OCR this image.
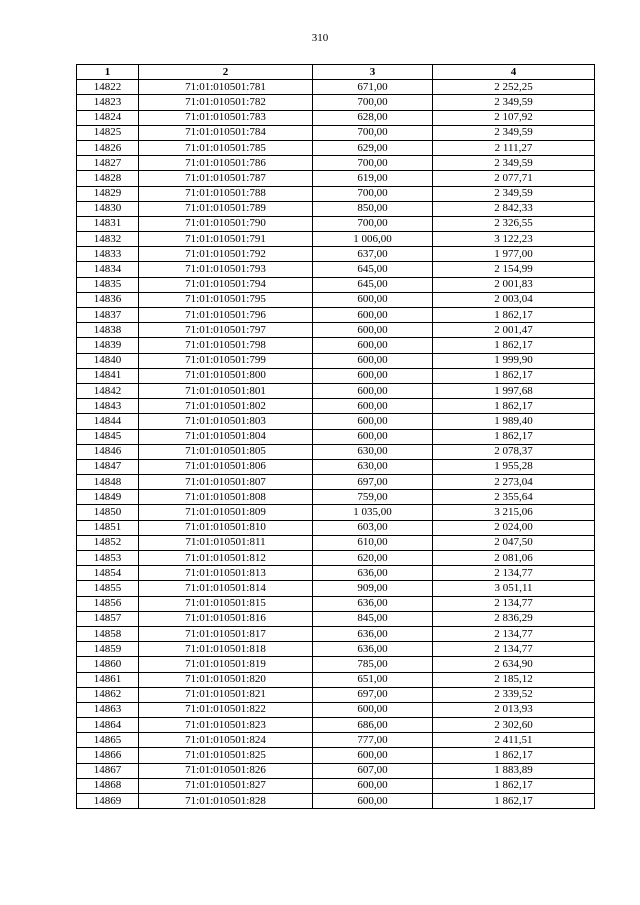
310
1	2	3	4
14822	71:01:010501:781	671,00	2 252,25
14823	71:01:010501:782	700,00	2 349,59
14824	71:01:010501:783	628,00	2 107,92
14825	71:01:010501:784	700,00	2 349,59
14826	71:01:010501:785	629,00	2 111,27
14827	71:01:010501:786	700,00	2 349,59
14828	71:01:010501:787	619,00	2 077,71
14829	71:01:010501:788	700,00	2 349,59
14830	71:01:010501:789	850,00	2 842,33
14831	71:01:010501:790	700,00	2 326,55
14832	71:01:010501:791	1 006,00	3 122,23
14833	71:01:010501:792	637,00	1 977,00
14834	71:01:010501:793	645,00	2 154,99
14835	71:01:010501:794	645,00	2 001,83
14836	71:01:010501:795	600,00	2 003,04
14837	71:01:010501:796	600,00	1 862,17
14838	71:01:010501:797	600,00	2 001,47
14839	71:01:010501:798	600,00	1 862,17
14840	71:01:010501:799	600,00	1 999,90
14841	71:01:010501:800	600,00	1 862,17
14842	71:01:010501:801	600,00	1 997,68
14843	71:01:010501:802	600,00	1 862,17
14844	71:01:010501:803	600,00	1 989,40
14845	71:01:010501:804	600,00	1 862,17
14846	71:01:010501:805	630,00	2 078,37
14847	71:01:010501:806	630,00	1 955,28
14848	71:01:010501:807	697,00	2 273,04
14849	71:01:010501:808	759,00	2 355,64
14850	71:01:010501:809	1 035,00	3 215,06
14851	71:01:010501:810	603,00	2 024,00
14852	71:01:010501:811	610,00	2 047,50
14853	71:01:010501:812	620,00	2 081,06
14854	71:01:010501:813	636,00	2 134,77
14855	71:01:010501:814	909,00	3 051,11
14856	71:01:010501:815	636,00	2 134,77
14857	71:01:010501:816	845,00	2 836,29
14858	71:01:010501:817	636,00	2 134,77
14859	71:01:010501:818	636,00	2 134,77
14860	71:01:010501:819	785,00	2 634,90
14861	71:01:010501:820	651,00	2 185,12
14862	71:01:010501:821	697,00	2 339,52
14863	71:01:010501:822	600,00	2 013,93
14864	71:01:010501:823	686,00	2 302,60
14865	71:01:010501:824	777,00	2 411,51
14866	71:01:010501:825	600,00	1 862,17
14867	71:01:010501:826	607,00	1 883,89
14868	71:01:010501:827	600,00	1 862,17
14869	71:01:010501:828	600,00	1 862,17
